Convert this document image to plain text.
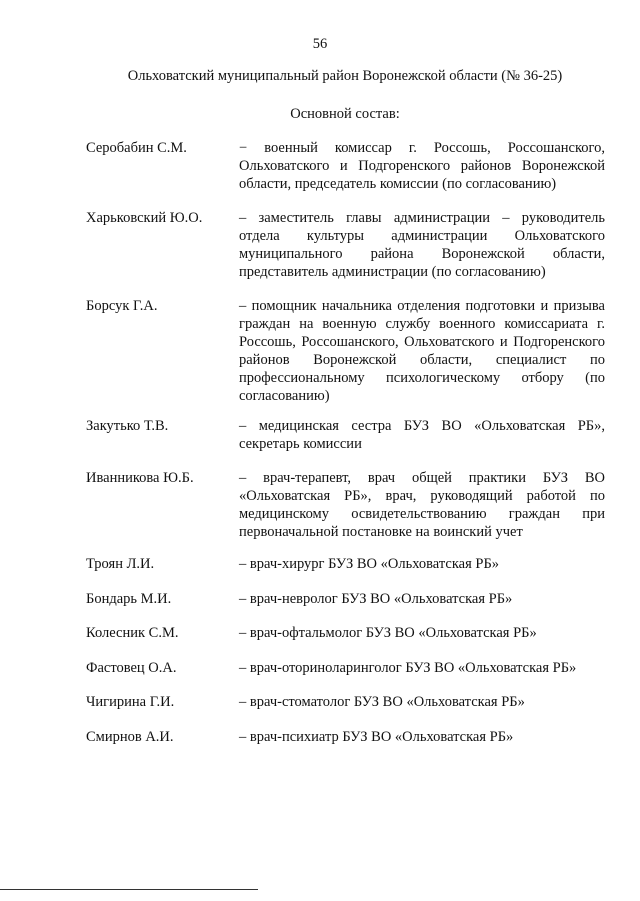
56
Ольховатский муниципальный район Воронежской области (№ 36-25)
Основной состав:
Серобабин С.М.	− военный комиссар г. Россошь, Россошанского, Ольховатского и Подгоренского районов Воронежской области, председатель комиссии (по согласованию)
Харьковский Ю.О.	– заместитель главы администрации – руководитель отдела культуры администрации Ольховатского муниципального района Воронежской области, представитель администрации (по согласованию)
Борсук Г.А.	– помощник начальника отделения подготовки и призыва граждан на военную службу военного комиссариата г. Россошь, Россошанского, Ольховатского и Подгоренского районов Воронежской области, специалист по профессиональному психологическому отбору (по согласованию)
Закутько Т.В.	– медицинская сестра БУЗ ВО «Ольховатская РБ», секретарь комиссии
Иванникова Ю.Б.	– врач-терапевт, врач общей практики БУЗ ВО «Ольховатская РБ», врач, руководящий работой по медицинскому освидетельствованию граждан при первоначальной постановке на воинский учет
Троян Л.И.	– врач-хирург БУЗ ВО «Ольховатская РБ»
Бондарь М.И.	– врач-невролог БУЗ ВО «Ольховатская РБ»
Колесник С.М.	– врач-офтальмолог БУЗ ВО «Ольховатская РБ»
Фастовец О.А.	– врач-оториноларинголог БУЗ ВО «Ольховатская РБ»
Чигирина Г.И.	– врач-стоматолог БУЗ ВО «Ольховатская РБ»
Смирнов А.И.	– врач-психиатр БУЗ ВО «Ольховатская РБ»
